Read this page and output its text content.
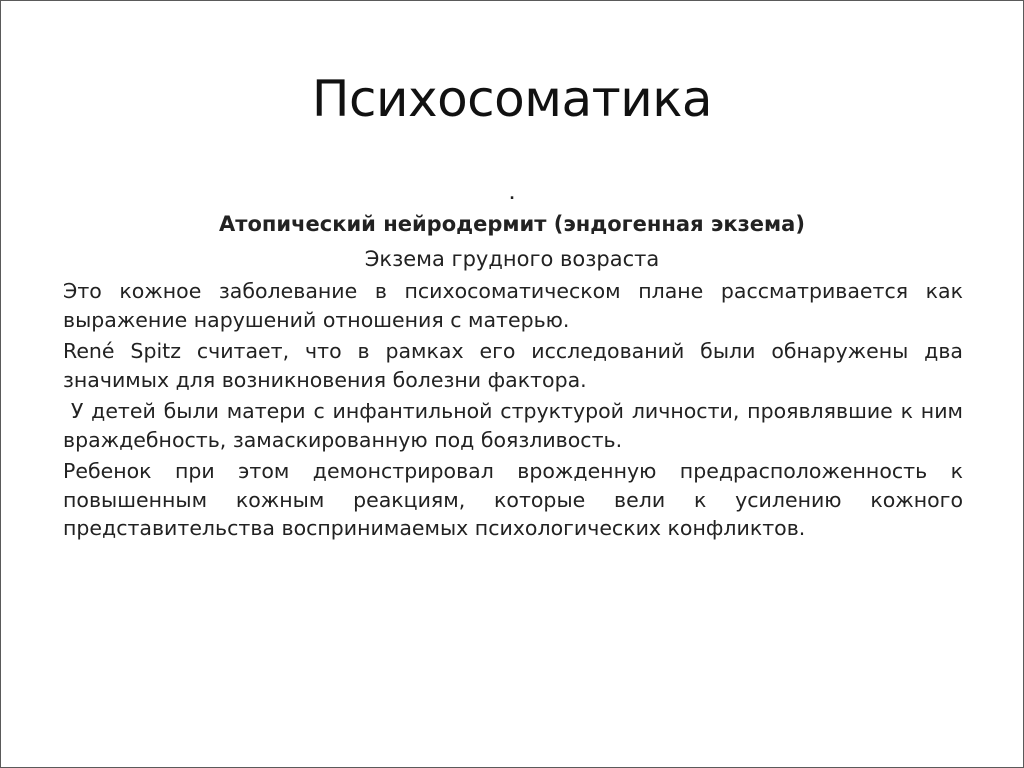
Психосоматика
.
Атопический нейродермит (эндогенная экзема)
Экзема грудного возраста

Это кожное заболевание в психосоматическом плане рассматривается как выражение нарушений отношения с матерью.

René Spitz считает, что в рамках его исследований были обнаружены два значимых для возникновения болезни фактора.

У детей были матери с инфантильной структурой личности, проявлявшие к ним враждебность, замаскированную под боязливость.

Ребенок при этом демонстрировал врожденную предрасположенность к повышенным кожным реакциям, которые вели к усилению кожного представительства воспринимаемых психологических конфликтов.
